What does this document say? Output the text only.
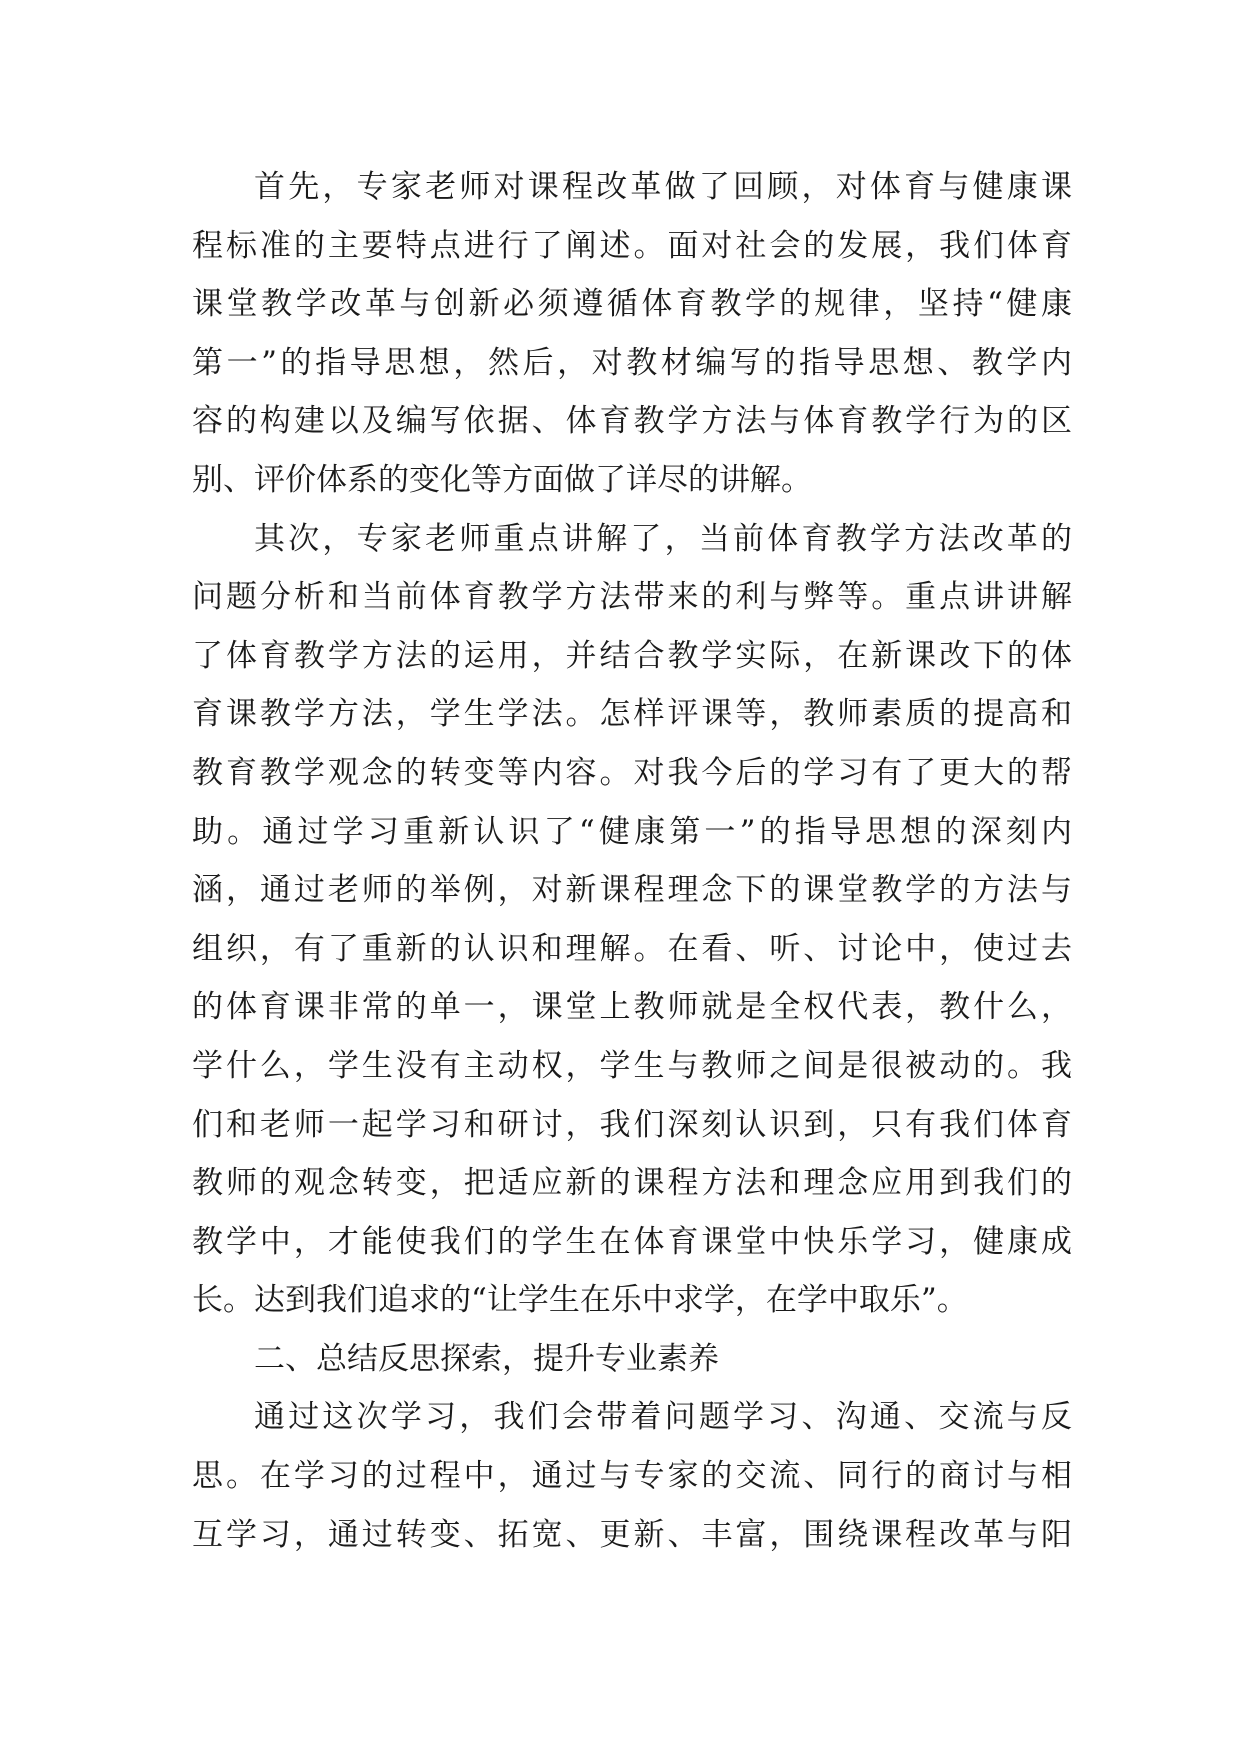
首先，专家老师对课程改革做了回顾，对体育与健康课
程标准的主要特点进行了阐述。面对社会的发展，我们体育
课堂教学改革与创新必须遵循体育教学的规律，坚持“健康
第一”的指导思想，然后，对教材编写的指导思想、教学内
容的构建以及编写依据、体育教学方法与体育教学行为的区
别、评价体系的变化等方面做了详尽的讲解。
其次，专家老师重点讲解了，当前体育教学方法改革的
问题分析和当前体育教学方法带来的利与弊等。重点讲讲解
了体育教学方法的运用，并结合教学实际，在新课改下的体
育课教学方法，学生学法。怎样评课等，教师素质的提高和
教育教学观念的转变等内容。对我今后的学习有了更大的帮
助。通过学习重新认识了“健康第一”的指导思想的深刻内
涵，通过老师的举例，对新课程理念下的课堂教学的方法与
组织，有了重新的认识和理解。在看、听、讨论中，使过去
的体育课非常的单一，课堂上教师就是全权代表，教什么，
学什么，学生没有主动权，学生与教师之间是很被动的。我
们和老师一起学习和研讨，我们深刻认识到，只有我们体育
教师的观念转变，把适应新的课程方法和理念应用到我们的
教学中，才能使我们的学生在体育课堂中快乐学习，健康成
长。达到我们追求的“让学生在乐中求学，在学中取乐”。
二、总结反思探索，提升专业素养
通过这次学习，我们会带着问题学习、沟通、交流与反
思。在学习的过程中，通过与专家的交流、同行的商讨与相
互学习，通过转变、拓宽、更新、丰富，围绕课程改革与阳
